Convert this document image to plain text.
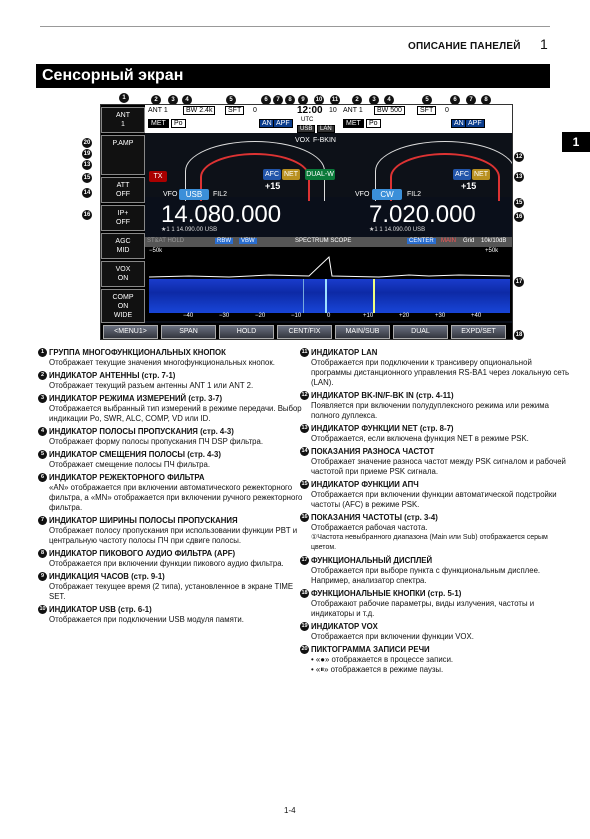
ОПИСАНИЕ ПАНЕЛЕЙ 1
Сенсорный экран
1
1	2	3	4	5	6	7	8	9	10	11	2	3	4	5	6	7	8
20
19
13
15
14
16
12
13
15
16
17
18
ANT 1	BW 2.4k	SFT	0
MET	Po	AN APF
12:00 10
UTC
USB	LAN
ANT 1	BW 500	SFT	0
MET	Po	AN APF
ANT
1
P.AMP
ATT
OFF
IP+
OFF
AGC
MID
VOX
ON
COMP
ON
WIDE
VOX F-BKIN
TX	AFC NET DUAL-W	AFC NET
+15	+15
VFO	USB	FIL2	VFO	CW	FIL2
14.080.000	7.020.000
★1 1 14.090.00 USB	★1 1 14.090.00 USB
ST&AT HOLD	RBW	VBW	SPECTRUM SCOPE	CENTER	MAIN Grid 10k/10dB
−50k	+50k
−40	−30	−20	−10	0	+10	+20	+30	+40
<MENU1>	SPAN	HOLD	CENT/FIX	MAIN/SUB	DUAL	EXPD/SET
1 ГРУППА МНОГОФУНКЦИОНАЛЬНЫХ КНОПОК
Отображает текущие значения многофункциональных кнопок.
2 ИНДИКАТОР АНТЕННЫ (стр. 7-1)
Отображает текущий разъем антенны ANT 1 или ANT 2.
3 ИНДИКАТОР РЕЖИМА ИЗМЕРЕНИЙ (стр. 3-7)
Отображается выбранный тип измерений в режиме передачи. Выбор индикации Po, SWR, ALC, COMP, VD или ID.
4 ИНДИКАТОР ПОЛОСЫ ПРОПУСКАНИЯ (стр. 4-3)
Отображает форму полосы пропускания ПЧ DSP фильтра.
5 ИНДИКАТОР СМЕЩЕНИЯ ПОЛОСЫ (стр. 4-3)
Отображает смещение полосы ПЧ фильтра.
6 ИНДИКАТОР РЕЖЕКТОРНОГО ФИЛЬТРА
«AN» отображается при включении автоматического режекторного фильтра, а «MN» отображается при включении ручного режекторного фильтра.
7 ИНДИКАТОР ШИРИНЫ ПОЛОСЫ ПРОПУСКАНИЯ
Отображает полосу пропускания при использовании функции PBT и центральную частоту полосы ПЧ при сдвиге полосы.
8 ИНДИКАТОР ПИКОВОГО АУДИО ФИЛЬТРА (APF)
Отображается при включении функции пикового аудио фильтра.
9 ИНДИКАЦИЯ ЧАСОВ (стр. 9-1)
Отображает текущее время (2 типа), установленное в экране TIME SET.
10 ИНДИКАТОР USB (стр. 6-1)
Отображается при подключении USB модуля памяти.
11 ИНДИКАТОР LAN
Отображается при подключении к трансиверу опциональной программы дистанционного управления RS-BA1 через локальную сеть (LAN).
12 ИНДИКАТОР BK-IN/F-BK IN (стр. 4-11)
Появляется при включении полудуплексного режима или режима полного дуплекса.
13 ИНДИКАТОР ФУНКЦИИ NET (стр. 8-7)
Отображается, если включена функция NET в режиме PSK.
14 ПОКАЗАНИЯ РАЗНОСА ЧАСТОТ
Отображает значение разноса частот между PSK сигналом и рабочей частотой при приеме PSK сигнала.
15 ИНДИКАТОР ФУНКЦИИ АПЧ
Отображается при включении функции автоматической подстройки частоты (AFC) в режиме PSK.
16 ПОКАЗАНИЯ ЧАСТОТЫ (стр. 3-4)
Отображается рабочая частота.
①Частота невыбранного диапазона (Main или Sub) отображается серым цветом.
17 ФУНКЦИОНАЛЬНЫЙ ДИСПЛЕЙ
Отображается при выборе пункта с функциональным дисплее. Например, анализатор спектра.
18 ФУНКЦИОНАЛЬНЫЕ КНОПКИ (стр. 5-1)
Отображают рабочие параметры, виды излучения, частоты и индикаторы и т.д.
19 ИНДИКАТОР VOX
Отображается при включении функции VOX.
20 ПИКТОГРАММА ЗАПИСИ РЕЧИ
• «●» отображается в процессе записи.
• «⏸» отображается в режиме паузы.
1-4
